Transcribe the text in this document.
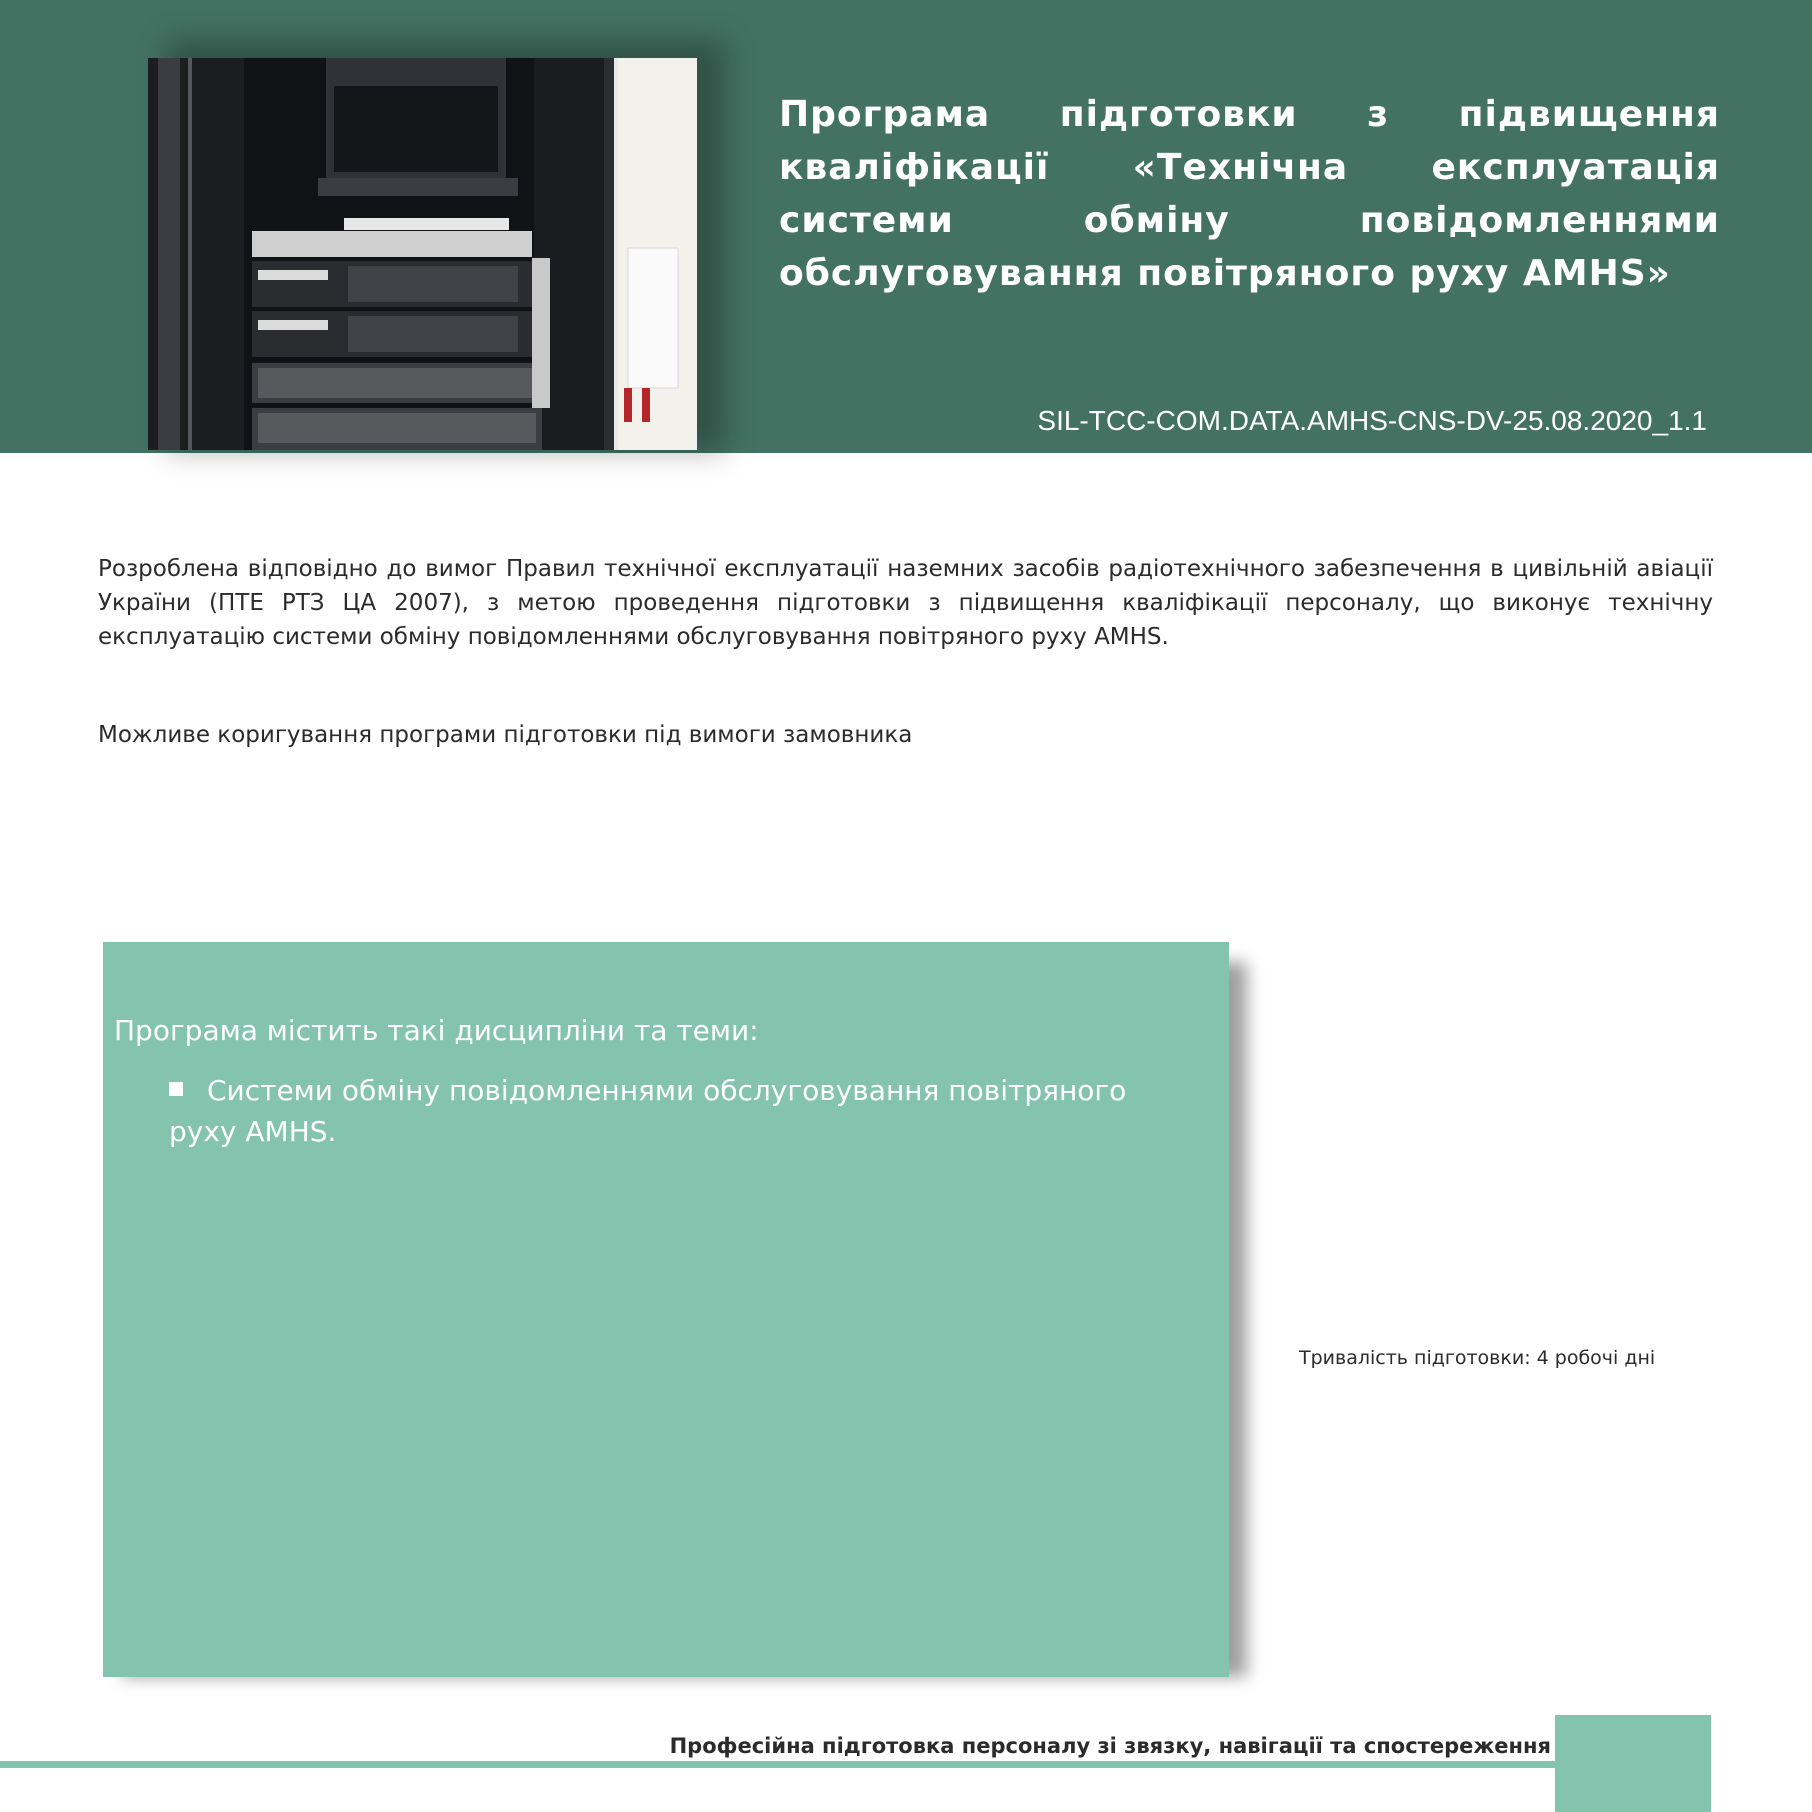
Програма підготовки з підвищення кваліфікації «Технічна експлуатація системи обміну повідомленнями обслуговування повітряного руху AMHS»

SIL-TCC-COM.DATA.AMHS-CNS-DV-25.08.2020_1.1

Розроблена відповідно до вимог Правил технічної експлуатації наземних засобів радіотехнічного забезпечення в цивільній авіації України (ПТЕ РТЗ ЦА 2007), з метою проведення підготовки з підвищення кваліфікації персоналу, що виконує технічну експлуатацію системи обміну повідомленнями обслуговування повітряного руху AMHS.

Можливе коригування програми підготовки під вимоги замовника

Програма містить такі дисципліни та теми:

Системи обміну повідомленнями обслуговування повітряного руху AMHS.
Тривалість підготовки: 4 робочі дні
Професійна підготовка персоналу зі звязку, навігації та спостереження
